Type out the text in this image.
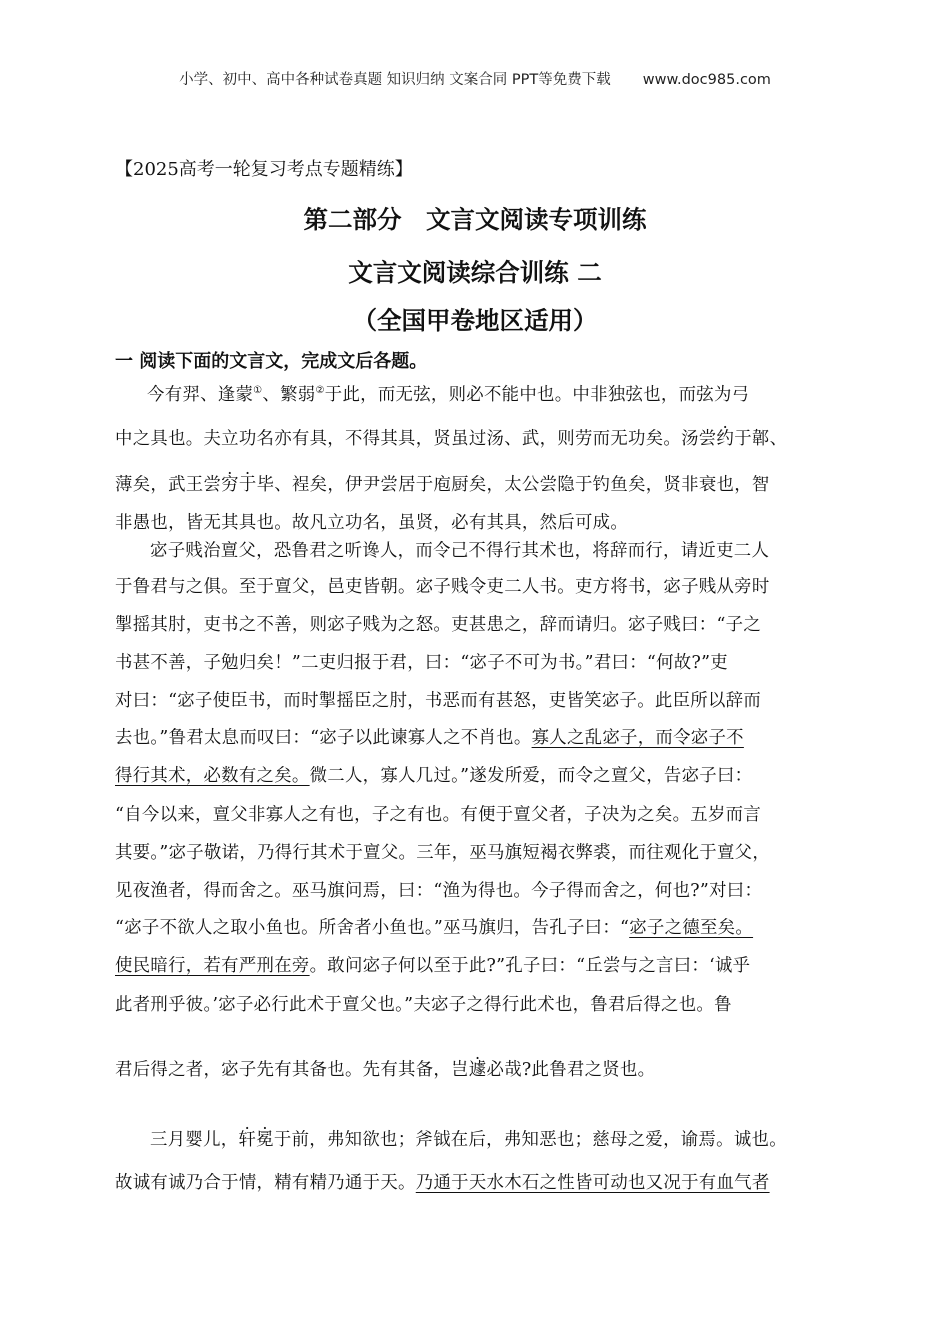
小学、初中、高中各种试卷真题 知识归纳 文案合同 PPT等免费下载 www.doc985.com
【2025高考一轮复习考点专题精练】
第二部分　文言文阅读专项训练
文言文阅读综合训练 二
（全国甲卷地区适用）
一 阅读下面的文言文，完成文后各题。
今有羿、逢蒙①、繁弱②于此，而无弦，则必不能中也。中非独弦也，而弦为弓
中之具也。夫立功名亦有具，不得其具，贤虽过汤、武，则劳而无功矣。汤尝约于郼、
薄矣，武王尝穷于毕、裎矣，伊尹尝居于庖厨矣，太公尝隐于钓鱼矣，贤非衰也，智
非愚也，皆无其具也。故凡立功名，虽贤，必有其具，然后可成。
宓子贱治亶父，恐鲁君之听谗人，而令己不得行其术也，将辞而行，请近吏二人
于鲁君与之俱。至于亶父，邑吏皆朝。宓子贱令吏二人书。吏方将书，宓子贱从旁时
掣摇其肘，吏书之不善，则宓子贱为之怒。吏甚患之，辞而请归。宓子贱曰：“子之
书甚不善，子勉归矣！”二吏归报于君，曰：“宓子不可为书。”君曰：“何故?”吏
对曰：“宓子使臣书，而时掣摇臣之肘，书恶而有甚怒，吏皆笑宓子。此臣所以辞而
去也。”鲁君太息而叹曰：“宓子以此谏寡人之不肖也。寡人之乱宓子，而令宓子不
得行其术，必数有之矣。微二人，寡人几过。”遂发所爱，而令之亶父，告宓子曰：
“自今以来，亶父非寡人之有也，子之有也。有便于亶父者，子决为之矣。五岁而言
其要。”宓子敬诺，乃得行其术于亶父。三年，巫马旗短褐衣弊裘，而往观化于亶父，
见夜渔者，得而舍之。巫马旗问焉，曰：“渔为得也。今子得而舍之，何也?”对曰：
“宓子不欲人之取小鱼也。所舍者小鱼也。”巫马旗归，告孔子曰：“宓子之德至矣。
使民暗行，若有严刑在旁。敢问宓子何以至于此?”孔子曰：“丘尝与之言曰：‘诚乎
此者刑乎彼。’宓子必行此术于亶父也。”夫宓子之得行此术也，鲁君后得之也。鲁
君后得之者，宓子先有其备也。先有其备，岂遽必哉?此鲁君之贤也。
三月婴儿，轩冕于前，弗知欲也；斧钺在后，弗知恶也；慈母之爱，谕焉。诚也。
故诚有诚乃合于情，精有精乃通于天。乃通于天水木石之性皆可动也又况于有血气者
